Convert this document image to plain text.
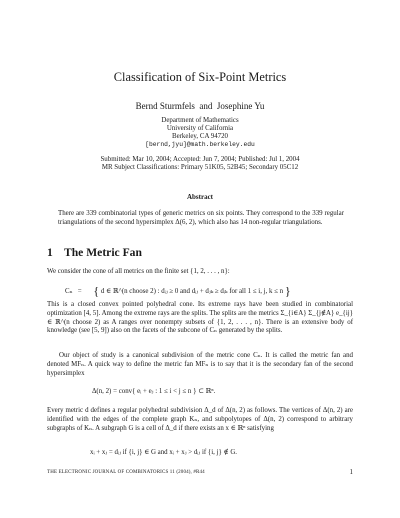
Classification of Six-Point Metrics
Bernd Sturmfels  and  Josephine Yu
Department of Mathematics
University of California
Berkeley, CA 94720
[bernd,jyu]@math.berkeley.edu
Submitted: Mar 10, 2004; Accepted: Jun 7, 2004; Published: Jul 1, 2004
MR Subject Classifications: Primary 51K05, 52B45; Secondary 05C12
Abstract
There are 339 combinatorial types of generic metrics on six points. They correspond to the 339 regular triangulations of the second hypersimplex Δ(6, 2), which also has 14 non-regular triangulations.
1 The Metric Fan
We consider the cone of all metrics on the finite set {1, 2, . . . , n}:
Cₙ   = { d ∈ ℝ^(n choose 2) : dᵢⱼ ≥ 0 and dᵢⱼ + dⱼₖ ≥ dᵢₖ for all 1 ≤ i, j, k ≤ n }
This is a closed convex pointed polyhedral cone. Its extreme rays have been studied in combinatorial optimization [4, 5]. Among the extreme rays are the splits. The splits are the metrics Σ_{i∈A} Σ_{j∉A} e_{ij} ∈ ℝ^(n choose 2) as A ranges over nonempty subsets of {1, 2, . . . , n}. There is an extensive body of knowledge (see [5, 9]) also on the facets of the subcone of Cₙ generated by the splits.
Our object of study is a canonical subdivision of the metric cone Cₙ. It is called the metric fan and denoted MFₙ. A quick way to define the metric fan MFₙ is to say that it is the secondary fan of the second hypersimplex
Δ(n, 2) = conv{ eᵢ + eⱼ : 1 ≤ i < j ≤ n } ⊂ ℝⁿ.
Every metric d defines a regular polyhedral subdivision Δ_d of Δ(n, 2) as follows. The vertices of Δ(n, 2) are identified with the edges of the complete graph Kₙ, and subpolytopes of Δ(n, 2) correspond to arbitrary subgraphs of Kₙ. A subgraph G is a cell of Δ_d if there exists an x ∈ ℝⁿ satisfying
xᵢ + xⱼ = dᵢⱼ if {i, j} ∈ G and xᵢ + xⱼ > dᵢⱼ if {i, j} ∉ G.
THE ELECTRONIC JOURNAL OF COMBINATORICS 11 (2004), #R44	1
